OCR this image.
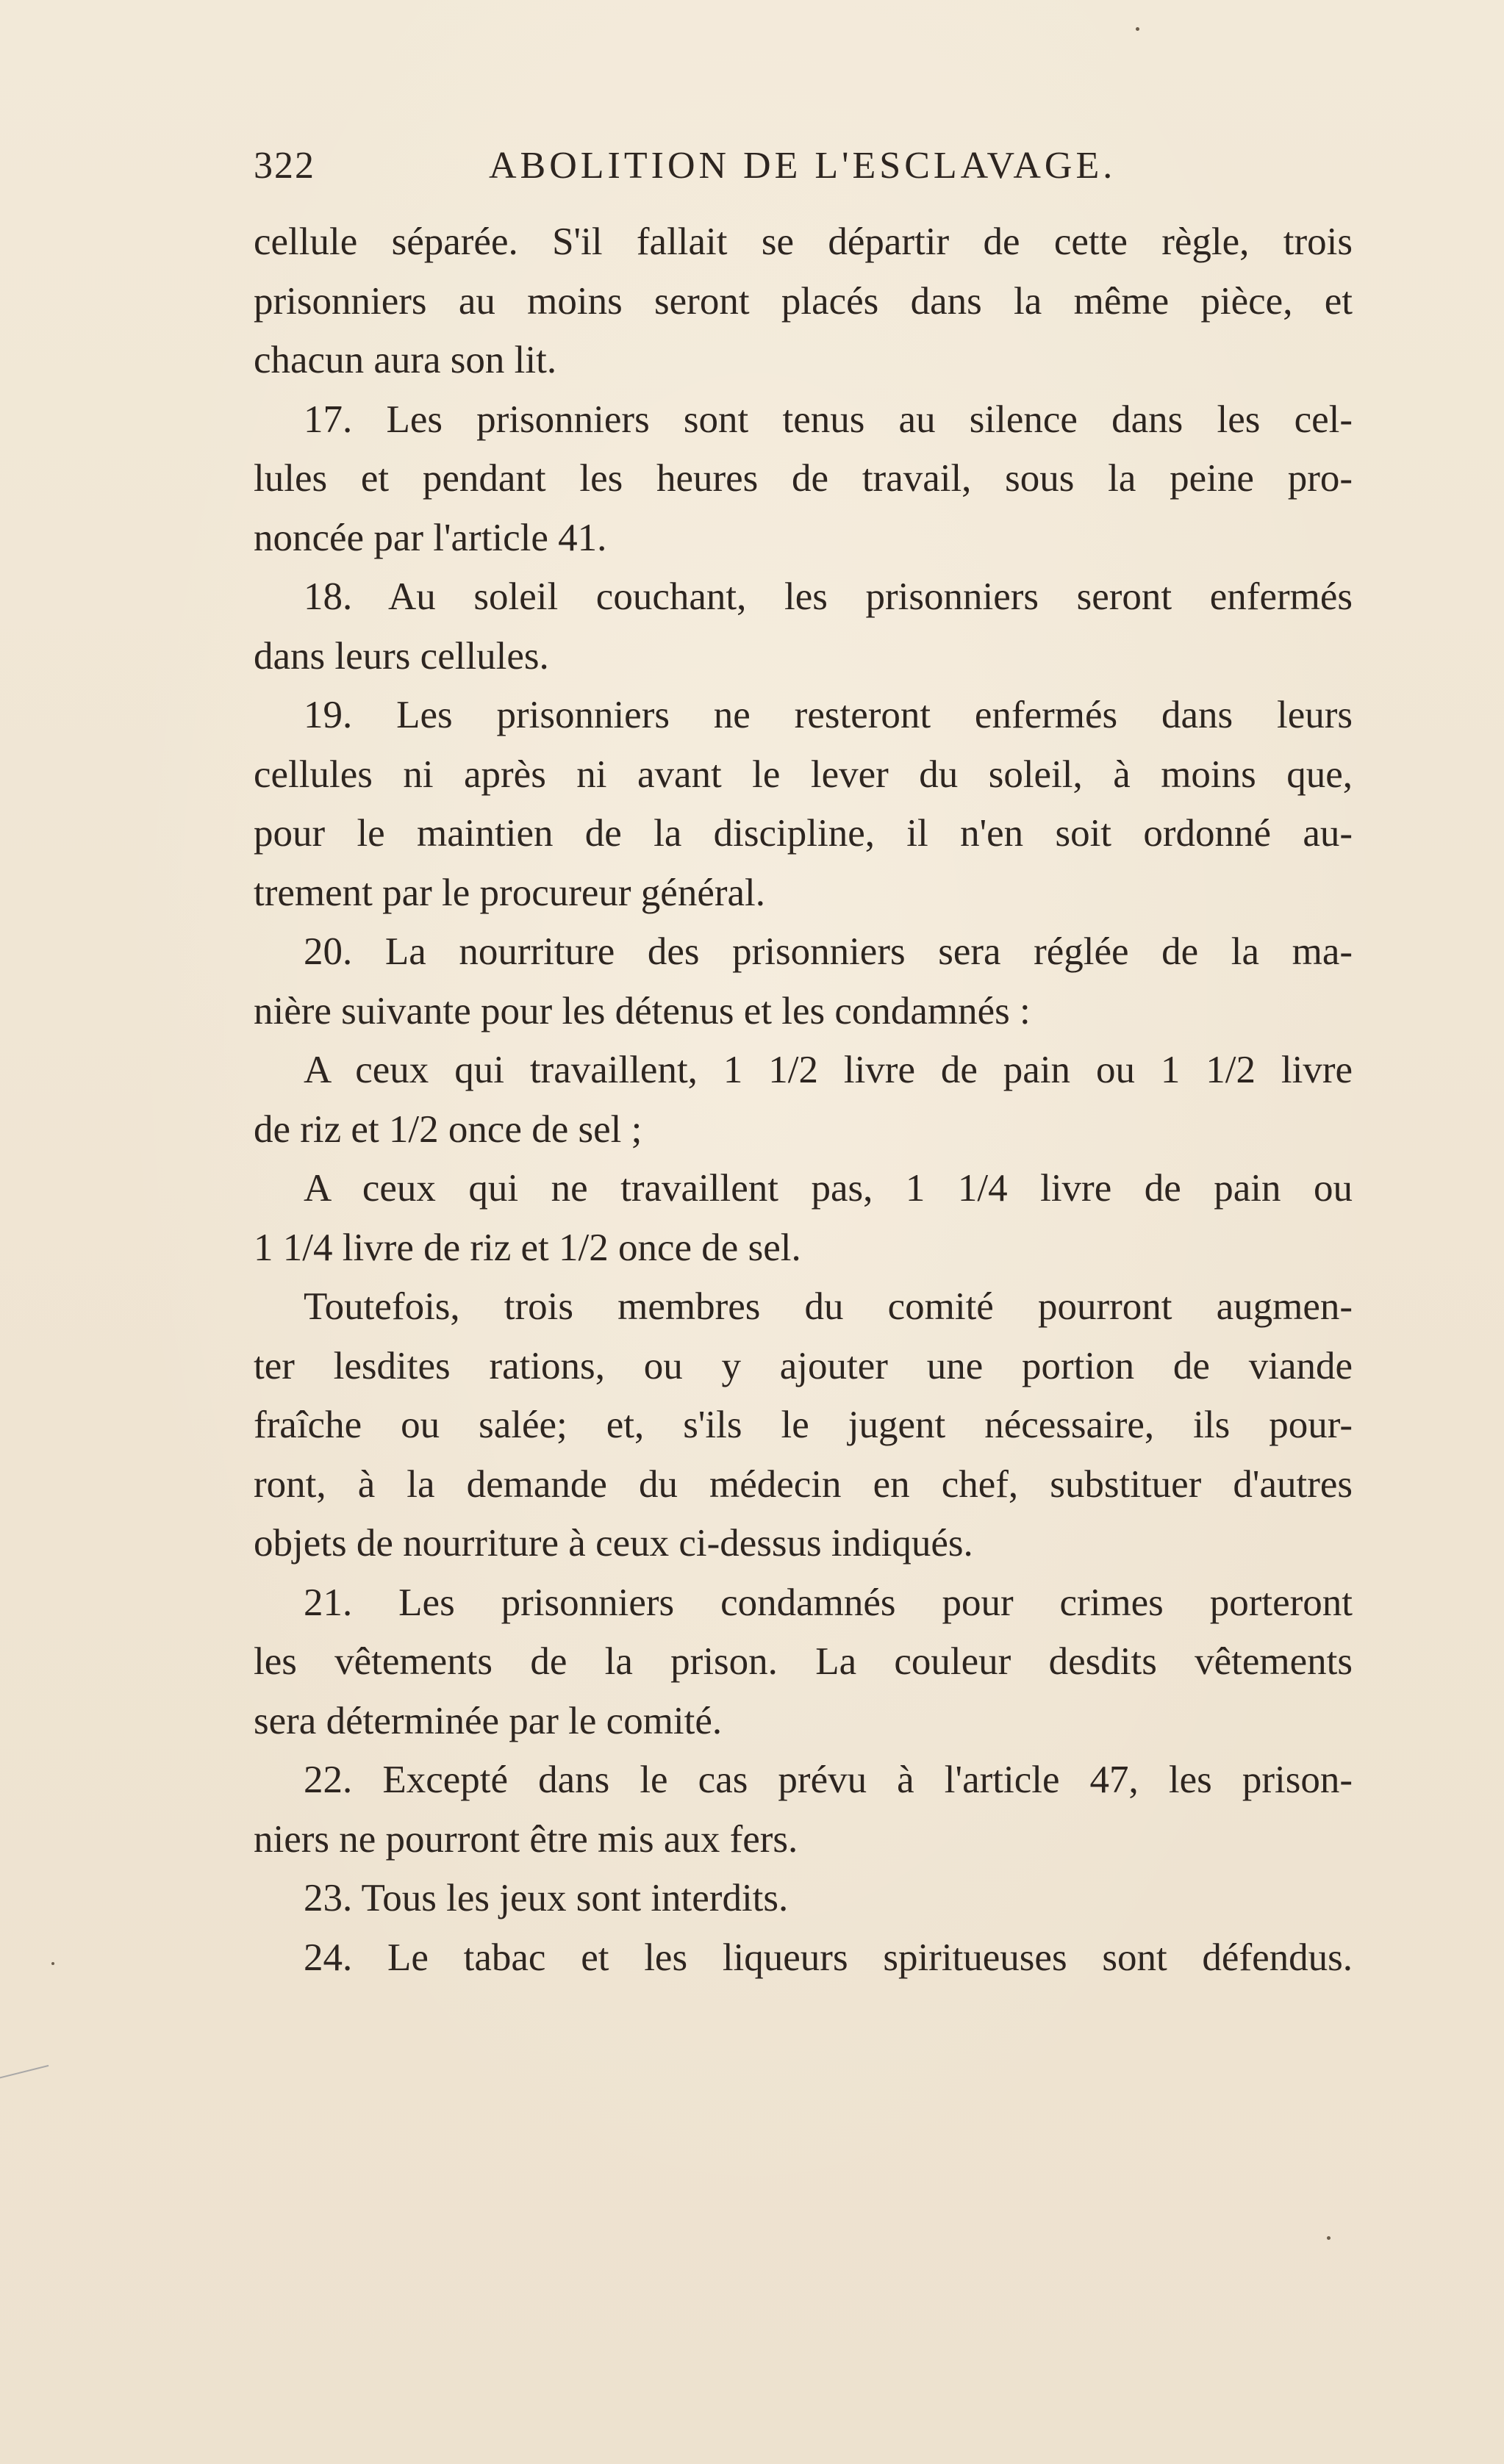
322	ABOLITION DE L'ESCLAVAGE.
cellule séparée. S'il fallait se départir de cette règle, trois
prisonniers au moins seront placés dans la même pièce, et
chacun aura son lit.
17. Les prisonniers sont tenus au silence dans les cel-
lules et pendant les heures de travail, sous la peine pro-
noncée par l'article 41.
18. Au soleil couchant, les prisonniers seront enfermés
dans leurs cellules.
19. Les prisonniers ne resteront enfermés dans leurs
cellules ni après ni avant le lever du soleil, à moins que,
pour le maintien de la discipline, il n'en soit ordonné au-
trement par le procureur général.
20. La nourriture des prisonniers sera réglée de la ma-
nière suivante pour les détenus et les condamnés :
A ceux qui travaillent, 1 1/2 livre de pain ou 1 1/2 livre
de riz et 1/2 once de sel ;
A ceux qui ne travaillent pas, 1 1/4 livre de pain ou
1 1/4 livre de riz et 1/2 once de sel.
Toutefois, trois membres du comité pourront augmen-
ter lesdites rations, ou y ajouter une portion de viande
fraîche ou salée; et, s'ils le jugent nécessaire, ils pour-
ront, à la demande du médecin en chef, substituer d'autres
objets de nourriture à ceux ci-dessus indiqués.
21. Les prisonniers condamnés pour crimes porteront
les vêtements de la prison. La couleur desdits vêtements
sera déterminée par le comité.
22. Excepté dans le cas prévu à l'article 47, les prison-
niers ne pourront être mis aux fers.
23. Tous les jeux sont interdits.
24. Le tabac et les liqueurs spiritueuses sont défendus.
